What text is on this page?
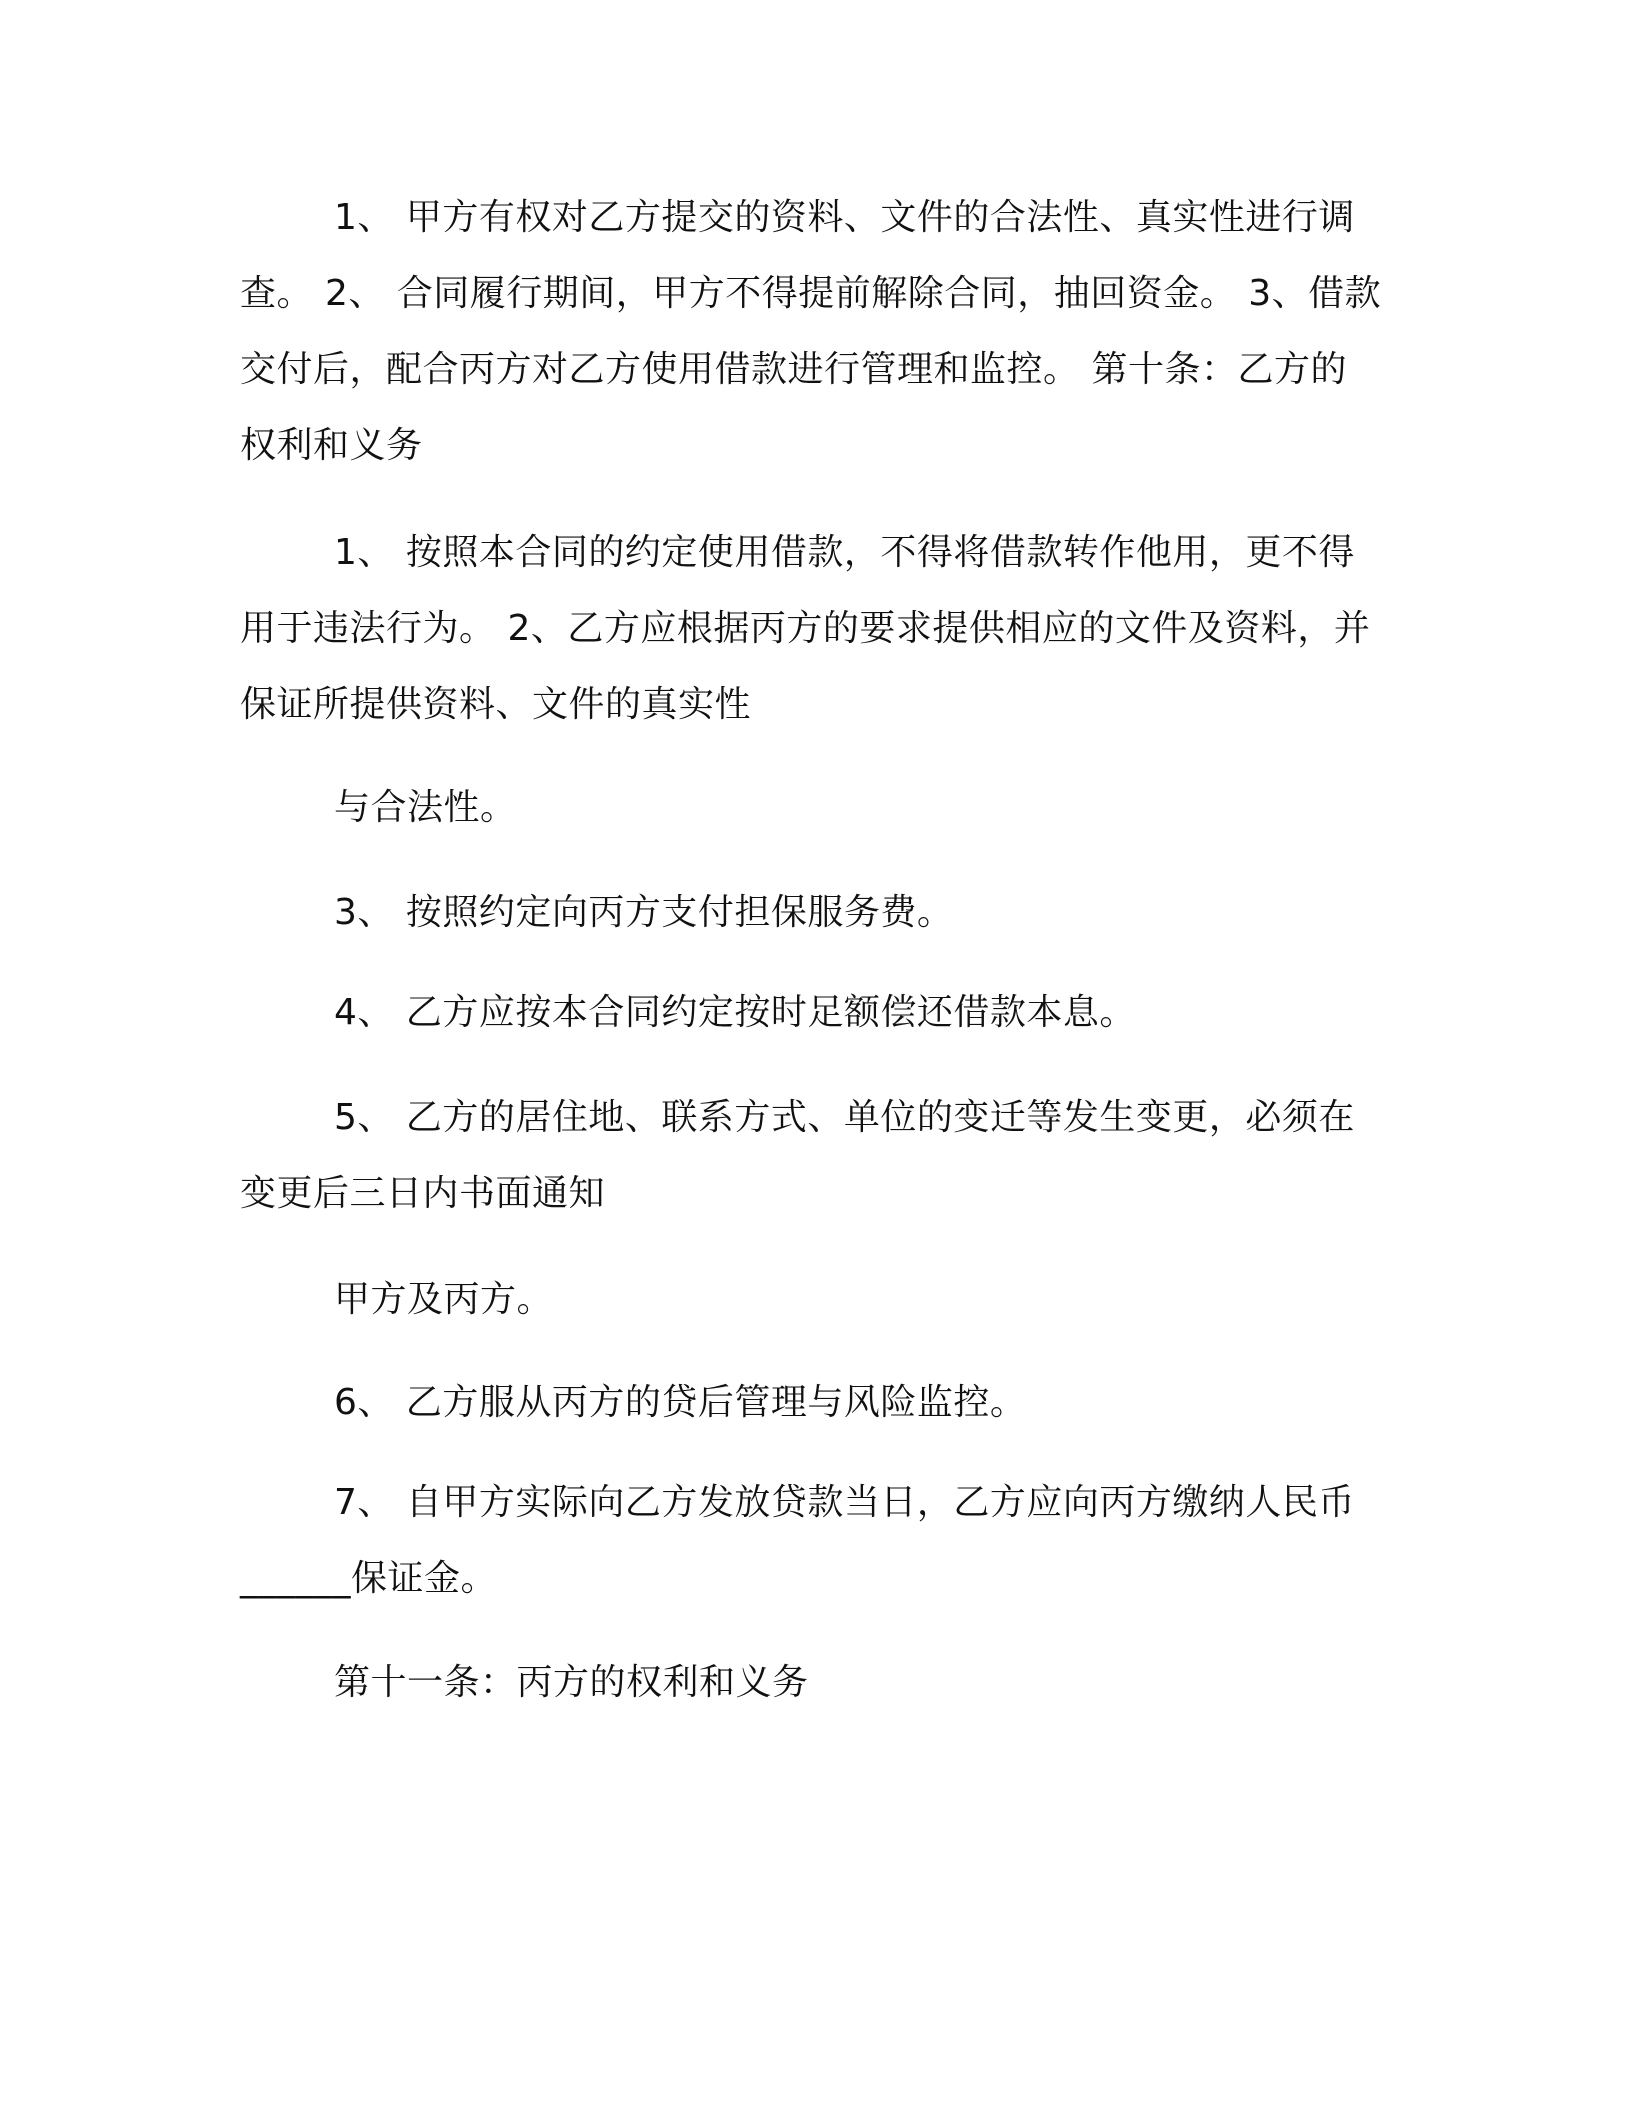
1、 甲方有权对乙方提交的资料、文件的合法性、真实性进行调
查。 2、 合同履行期间，甲方不得提前解除合同，抽回资金。 3、借款
交付后，配合丙方对乙方使用借款进行管理和监控。 第十条：乙方的
权利和义务
1、 按照本合同的约定使用借款，不得将借款转作他用，更不得
用于违法行为。 2、乙方应根据丙方的要求提供相应的文件及资料，并
保证所提供资料、文件的真实性
与合法性。
3、 按照约定向丙方支付担保服务费。
4、 乙方应按本合同约定按时足额偿还借款本息。
5、 乙方的居住地、联系方式、单位的变迁等发生变更，必须在
变更后三日内书面通知
甲方及丙方。
6、 乙方服从丙方的贷后管理与风险监控。
7、 自甲方实际向乙方发放贷款当日，乙方应向丙方缴纳人民币
______保证金。
第十一条：丙方的权利和义务
